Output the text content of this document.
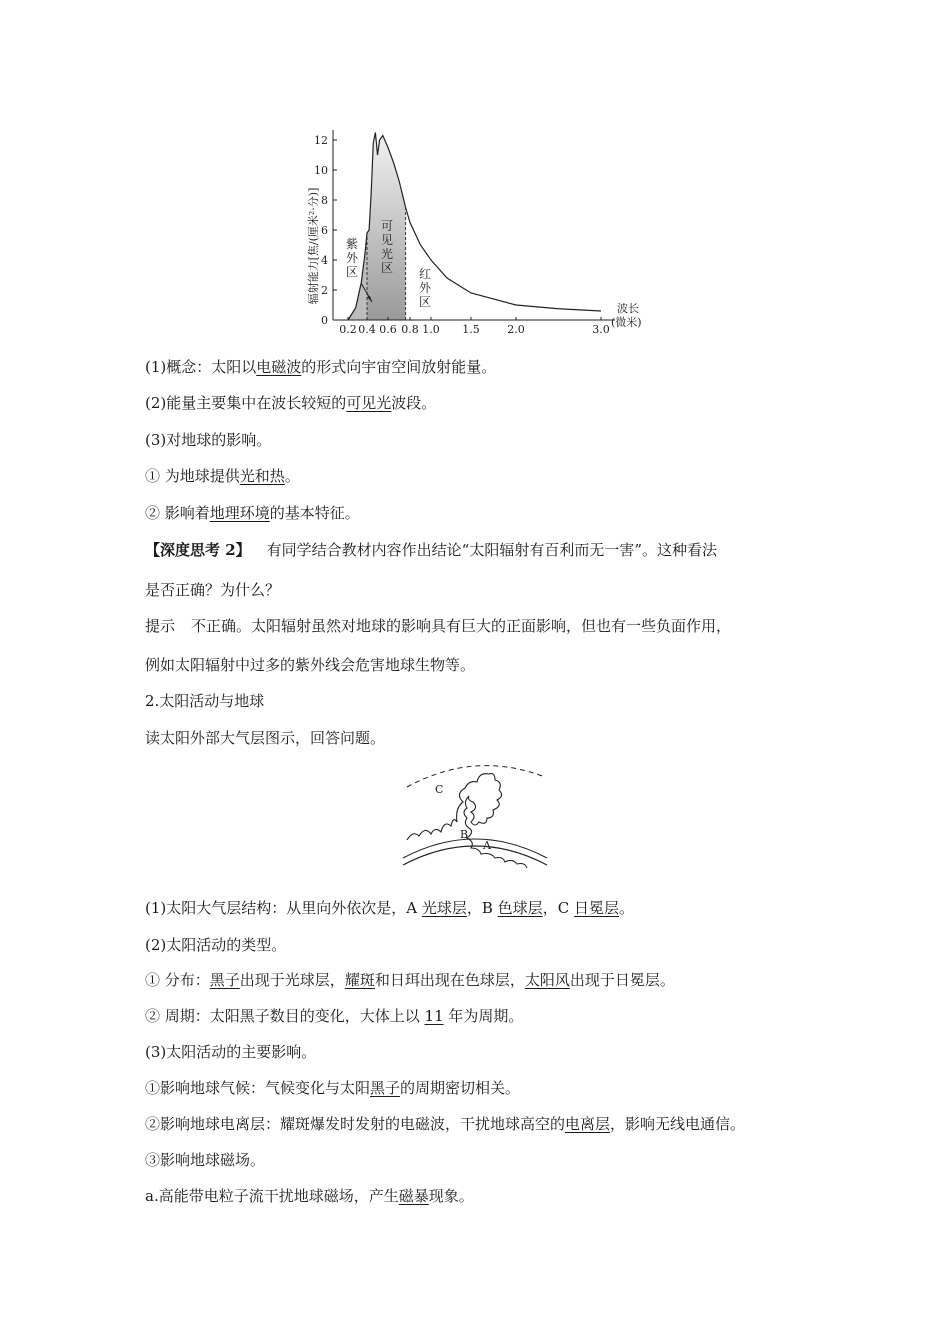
0
2
4
6
8
10
12
0.2 0.4 0.6 0.8 1.0 1.5	2.0	3.0
紫
外
区
可
见
光
区 红
外
区
辐射能力[焦/(厘米²·分)]
波长
(微米)
(1)概念：太阳以电磁波的形式向宇宙空间放射能量。
(2)能量主要集中在波长较短的可见光波段。
(3)对地球的影响。
① 为地球提供光和热。
② 影响着地理环境的基本特征。
【深度思考 2】 有同学结合教材内容作出结论“太阳辐射有百利而无一害”。这种看法
是否正确？为什么？
提示 不正确。太阳辐射虽然对地球的影响具有巨大的正面影响，但也有一些负面作用，
例如太阳辐射中过多的紫外线会危害地球生物等。
2.太阳活动与地球
读太阳外部大气层图示，回答问题。
C
B
A
(1)太阳大气层结构：从里向外依次是，A 光球层，B 色球层，C 日冕层。
(2)太阳活动的类型。
① 分布：黑子出现于光球层，耀斑和日珥出现在色球层，太阳风出现于日冕层。
② 周期：太阳黑子数目的变化，大体上以 11 年为周期。
(3)太阳活动的主要影响。
①影响地球气候：气候变化与太阳黑子的周期密切相关。
②影响地球电离层：耀斑爆发时发射的电磁波，干扰地球高空的电离层，影响无线电通信。
③影响地球磁场。
a.高能带电粒子流干扰地球磁场，产生磁暴现象。
